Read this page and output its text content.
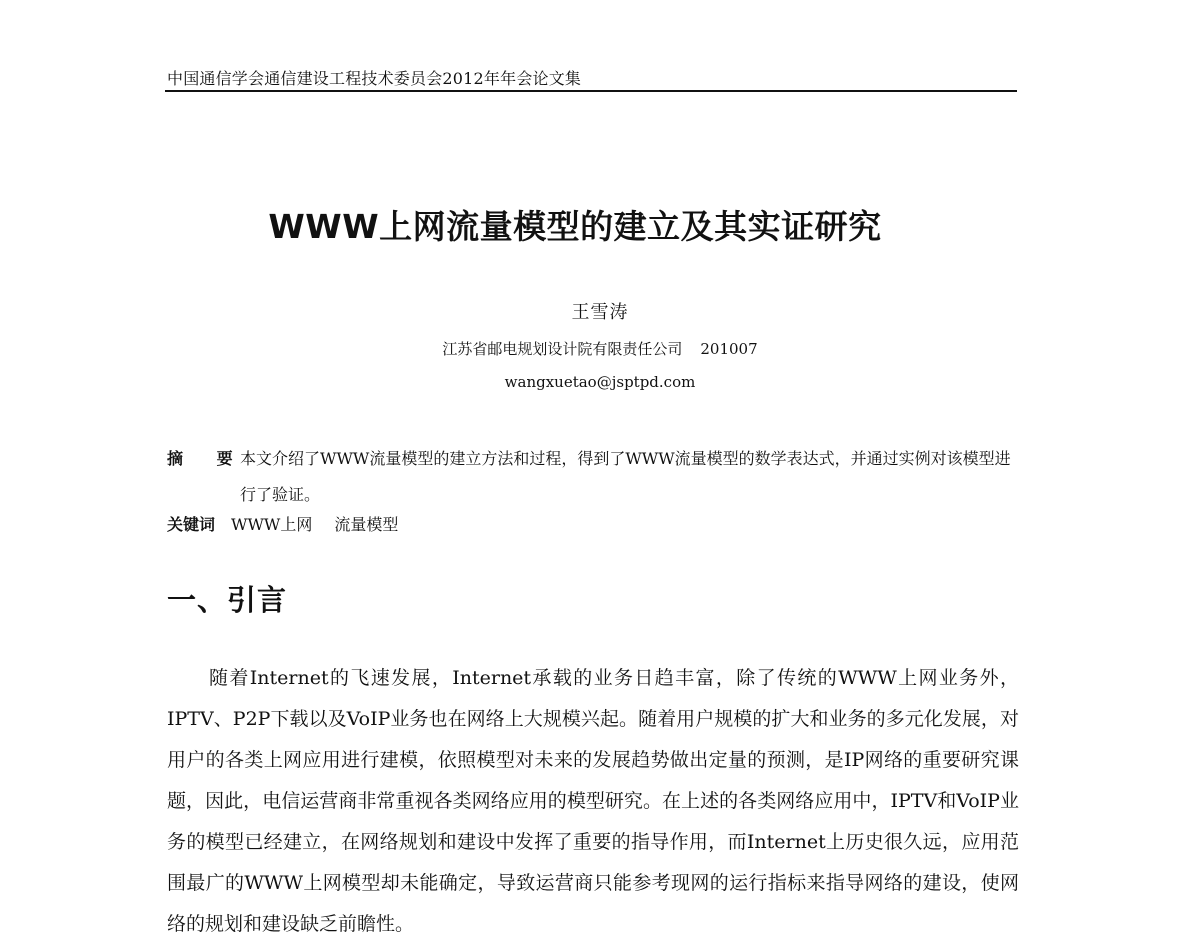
中国通信学会通信建设工程技术委员会2012年年会论文集
WWW上网流量模型的建立及其实证研究
王雪涛
江苏省邮电规划设计院有限责任公司 201007
wangxuetao@jsptpd.com
摘 要
本文介绍了WWW流量模型的建立方法和过程，得到了WWW流量模型的数学表达式，并通过实例对该模型进行了验证。
关键词 WWW上网 流量模型
一、引言

随着Internet的飞速发展，Internet承载的业务日趋丰富，除了传统的WWW上网业务外，IPTV、P2P下载以及VoIP业务也在网络上大规模兴起。随着用户规模的扩大和业务的多元化发展，对用户的各类上网应用进行建模，依照模型对未来的发展趋势做出定量的预测，是IP网络的重要研究课题，因此，电信运营商非常重视各类网络应用的模型研究。在上述的各类网络应用中，IPTV和VoIP业务的模型已经建立，在网络规划和建设中发挥了重要的指导作用，而Internet上历史很久远，应用范围最广的WWW上网模型却未能确定，导致运营商只能参考现网的运行指标来指导网络的建设，使网络的规划和建设缺乏前瞻性。
